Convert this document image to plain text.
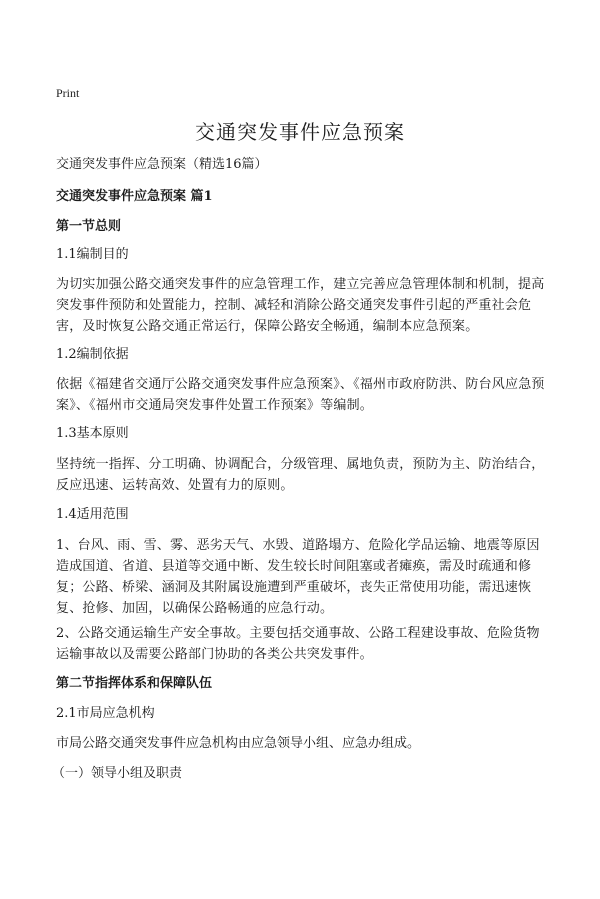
Print
交通突发事件应急预案

交通突发事件应急预案（精选16篇）

交通突发事件应急预案 篇1

第一节总则

1.1编制目的

为切实加强公路交通突发事件的应急管理工作，建立完善应急管理体制和机制，提高突发事件预防和处置能力，控制、减轻和消除公路交通突发事件引起的严重社会危害，及时恢复公路交通正常运行，保障公路安全畅通，编制本应急预案。

1.2编制依据

依据《福建省交通厅公路交通突发事件应急预案》、《福州市政府防洪、防台风应急预案》、《福州市交通局突发事件处置工作预案》等编制。

1.3基本原则

坚持统一指挥、分工明确、协调配合，分级管理、属地负责，预防为主、防治结合，反应迅速、运转高效、处置有力的原则。

1.4适用范围

1、台风、雨、雪、雾、恶劣天气、水毁、道路塌方、危险化学品运输、地震等原因造成国道、省道、县道等交通中断、发生较长时间阻塞或者瘫痪，需及时疏通和修复；公路、桥梁、涵洞及其附属设施遭到严重破坏，丧失正常使用功能，需迅速恢复、抢修、加固，以确保公路畅通的应急行动。

2、公路交通运输生产安全事故。主要包括交通事故、公路工程建设事故、危险货物运输事故以及需要公路部门协助的各类公共突发事件。

第二节指挥体系和保障队伍

2.1市局应急机构

市局公路交通突发事件应急机构由应急领导小组、应急办组成。

（一）领导小组及职责
